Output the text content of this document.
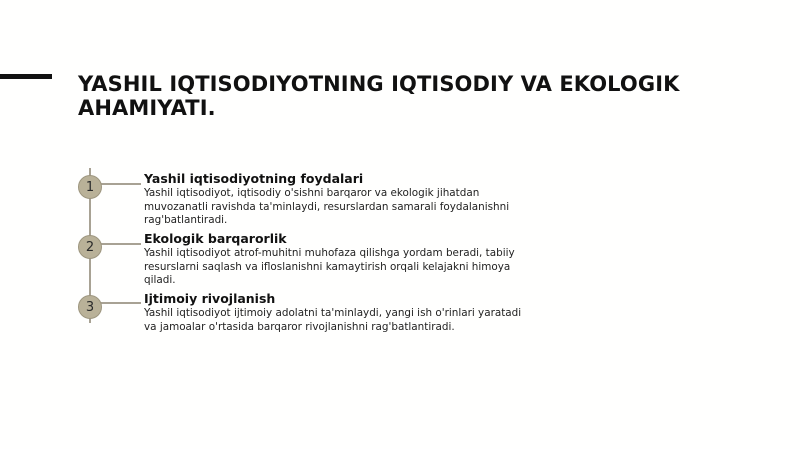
YASHIL IQTISODIYOTNING IQTISODIY VA EKOLOGIK AHAMIYATI.
1
Yashil iqtisodiyotning foydalari
Yashil iqtisodiyot, iqtisodiy o'sishni barqaror va ekologik jihatdan muvozanatli ravishda ta'minlaydi, resurslardan samarali foydalanishni rag'batlantiradi.
2
Ekologik barqarorlik
Yashil iqtisodiyot atrof-muhitni muhofaza qilishga yordam beradi, tabiiy resurslarni saqlash va ifloslanishni kamaytirish orqali kelajakni himoya qiladi.
3
Ijtimoiy rivojlanish
Yashil iqtisodiyot ijtimoiy adolatni ta'minlaydi, yangi ish o'rinlari yaratadi va jamoalar o'rtasida barqaror rivojlanishni rag'batlantiradi.
